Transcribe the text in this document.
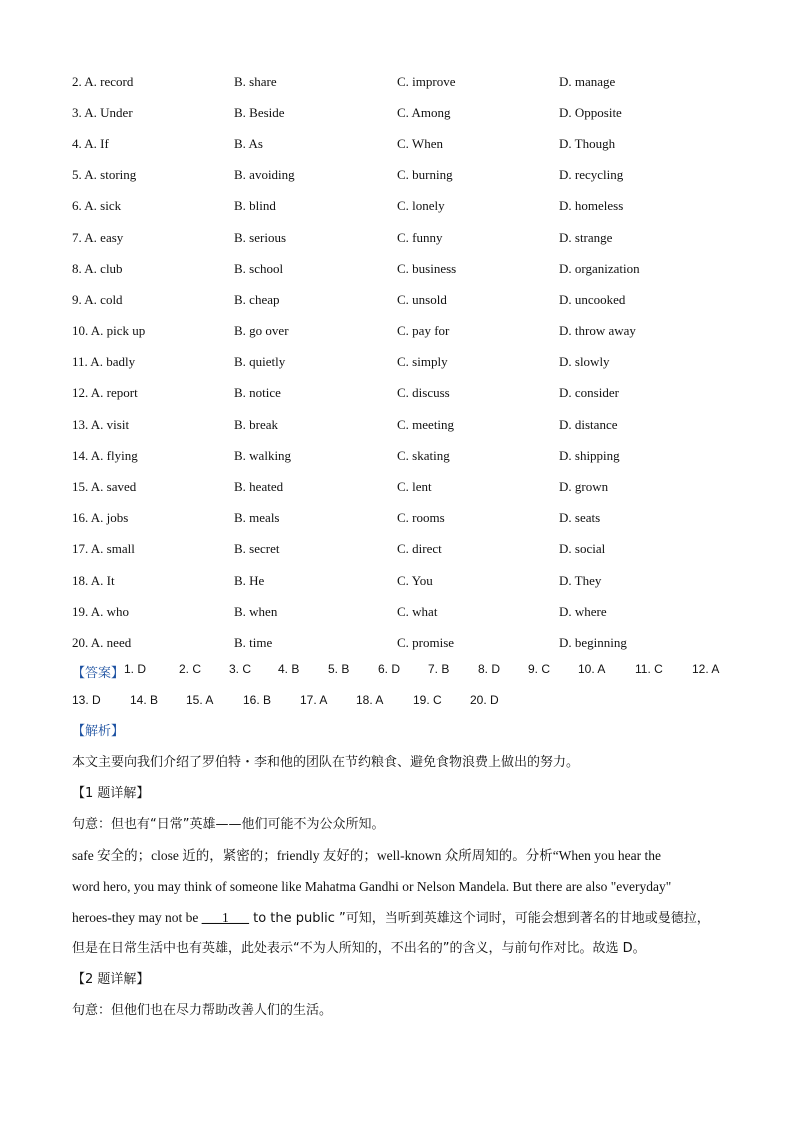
2. A. record	B. share	C. improve	D. manage
3. A. Under	B. Beside	C. Among	D. Opposite
4. A. If	B. As	C. When	D. Though
5. A. storing	B. avoiding	C. burning	D. recycling
6. A. sick	B. blind	C. lonely	D. homeless
7. A. easy	B. serious	C. funny	D. strange
8. A. club	B. school	C. business	D. organization
9. A. cold	B. cheap	C. unsold	D. uncooked
10. A. pick up	B. go over	C. pay for	D. throw away
11. A. badly	B. quietly	C. simply	D. slowly
12. A. report	B. notice	C. discuss	D. consider
13. A. visit	B. break	C. meeting	D. distance
14. A. flying	B. walking	C. skating	D. shipping
15. A. saved	B. heated	C. lent	D. grown
16. A. jobs	B. meals	C. rooms	D. seats
17. A. small	B. secret	C. direct	D. social
18. A. It	B. He	C. You	D. They
19. A. who	B. when	C. what	D. where
20. A. need	B. time	C. promise	D. beginning
【答案】 1. D	2. C 3. C 4. B 5. B 6. D 7. B 8. D 9. C 10. A 11. C 12. A
13. D 14. B 15. A 16. B 17. A 18. A 19. C 20. D
【解析】
本文主要向我们介绍了罗伯特・李和他的团队在节约粮食、避免食物浪费上做出的努力。
【1 题详解】
句意：但也有“日常”英雄——他们可能不为公众所知。
safe 安全的；close 近的，紧密的；friendly 友好的；well-known 众所周知的。分析“When you hear the
word hero, you may think of someone like Mahatma Gandhi or Nelson Mandela. But there are also "everyday"
heroes-they may not be ___1___ to the public ”可知，当听到英雄这个词时，可能会想到著名的甘地或曼德拉，
但是在日常生活中也有英雄，此处表示“不为人所知的，不出名的”的含义，与前句作对比。故选 D。
【2 题详解】
句意：但他们也在尽力帮助改善人们的生活。
